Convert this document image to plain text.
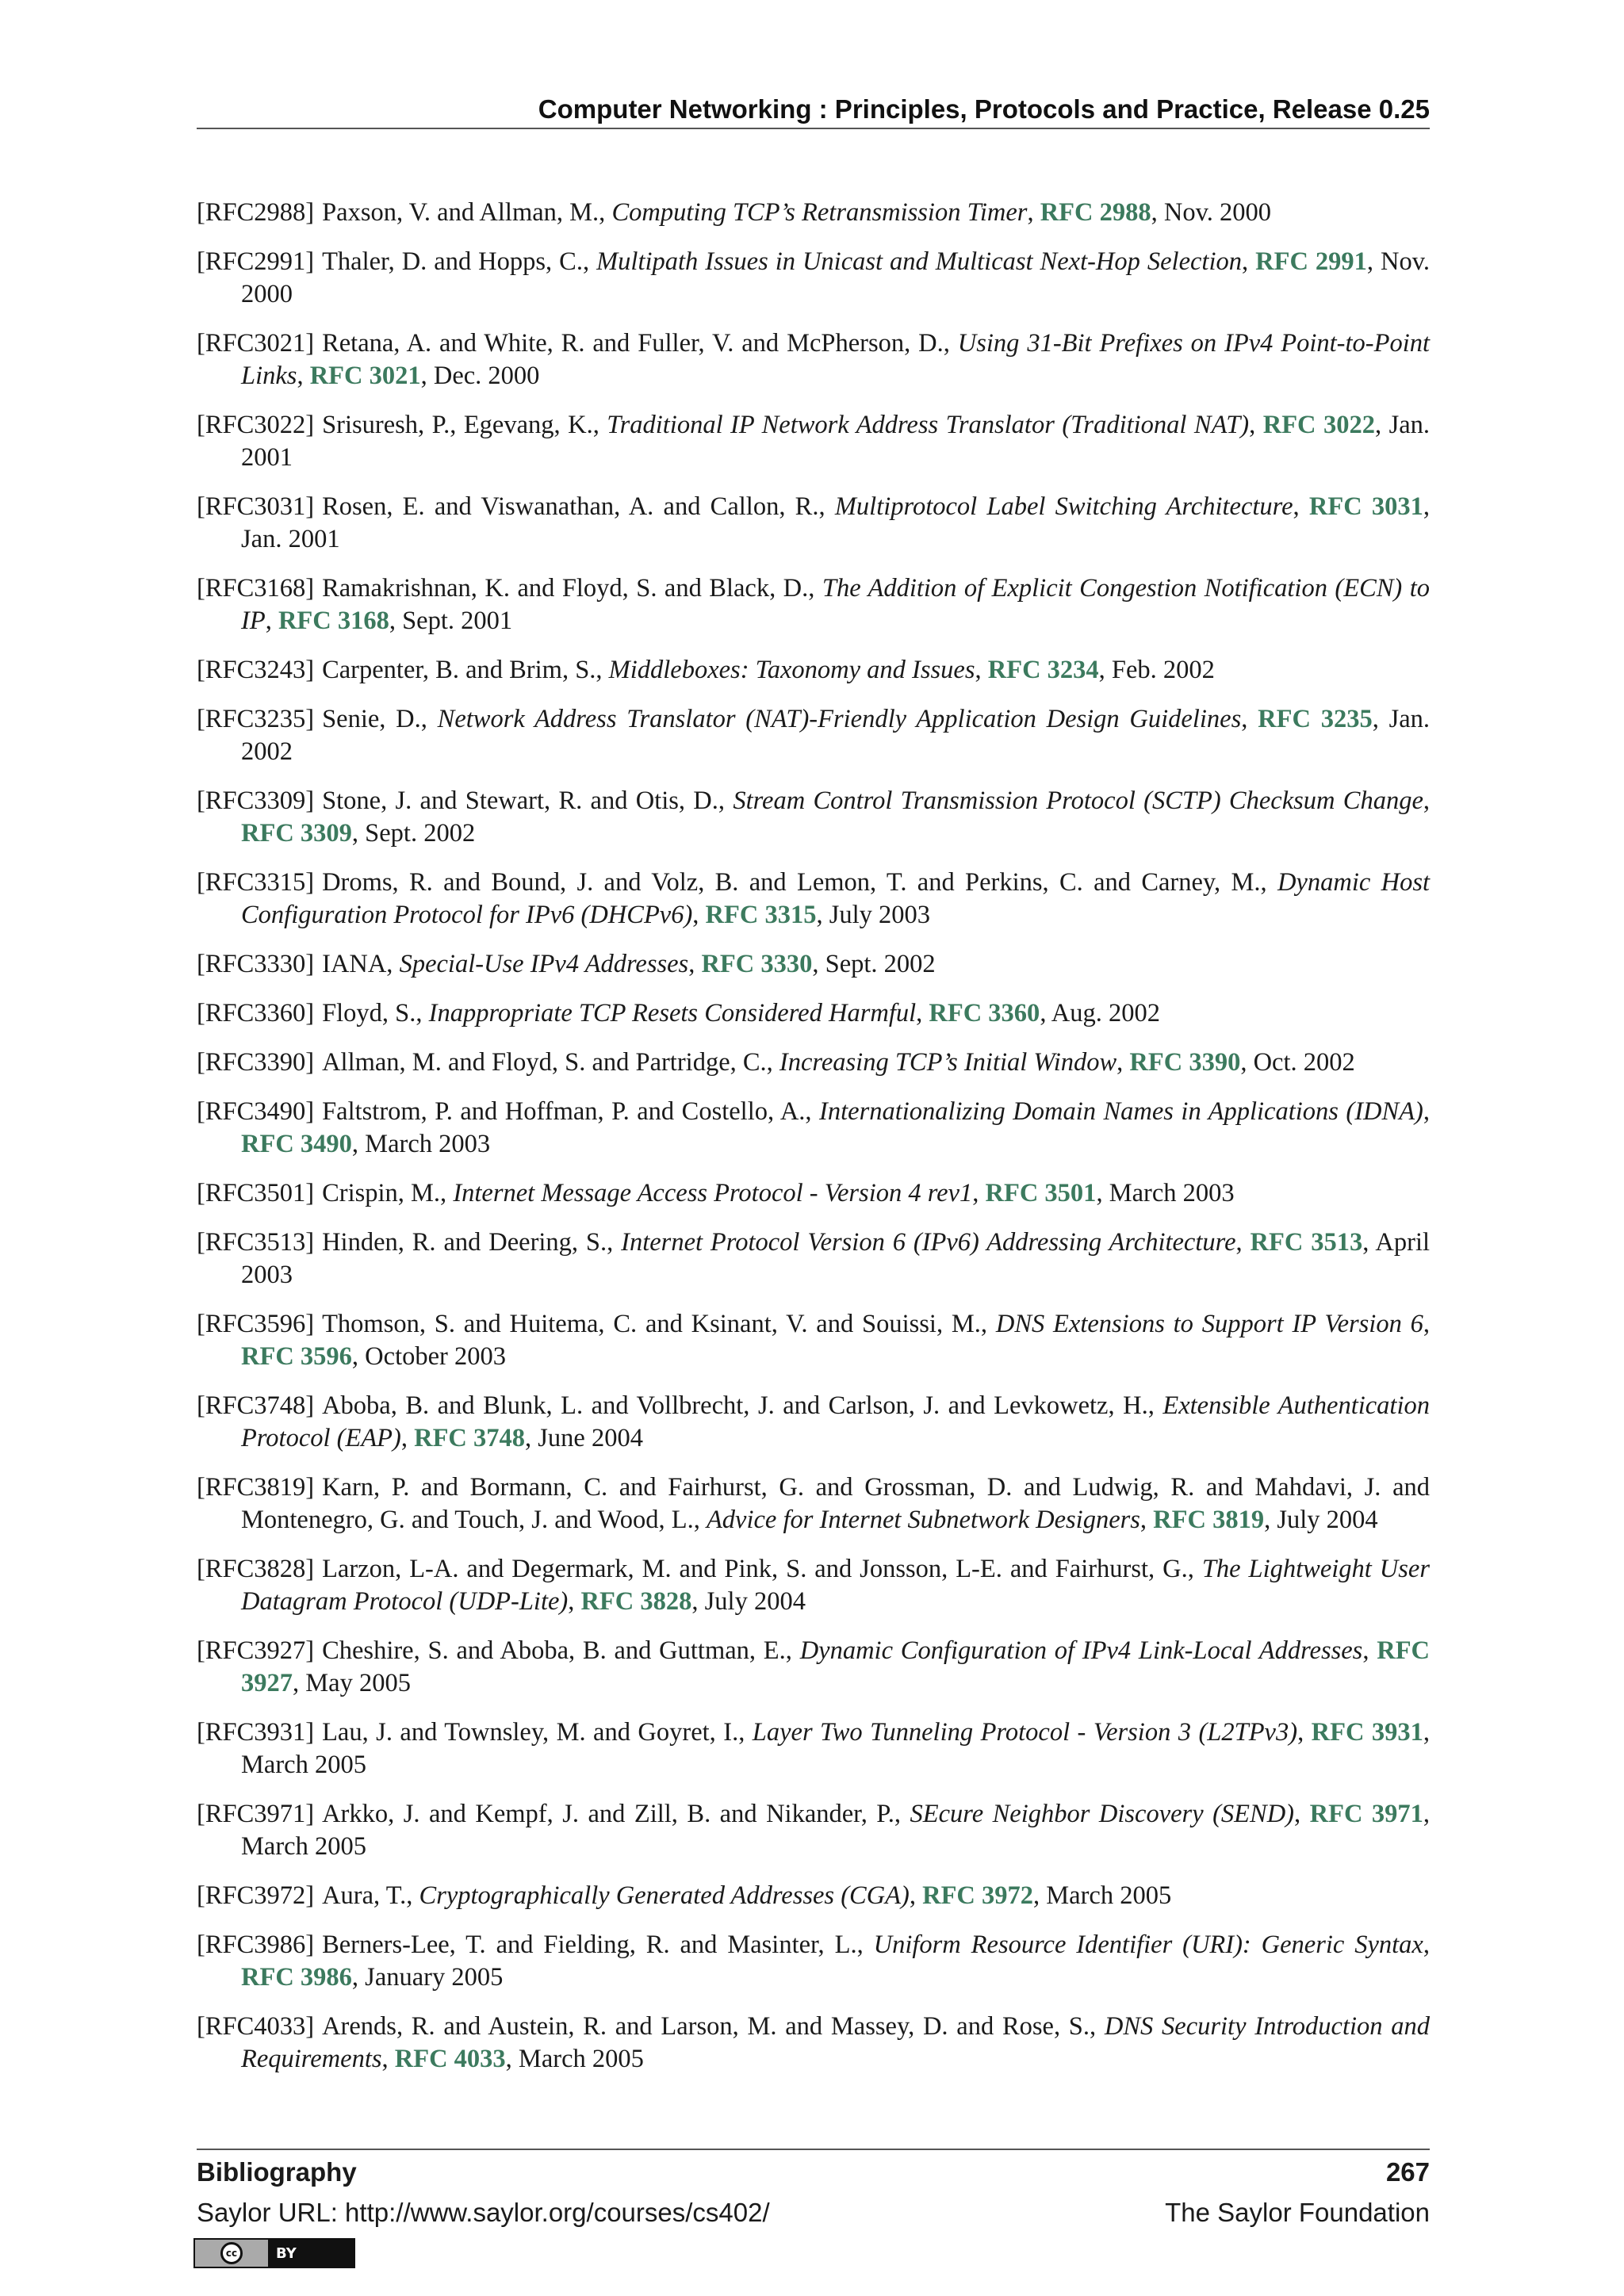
Computer Networking : Principles, Protocols and Practice, Release 0.25
[RFC2988] Paxson, V. and Allman, M., Computing TCP’s Retransmission Timer, RFC 2988, Nov. 2000
[RFC2991] Thaler, D. and Hopps, C., Multipath Issues in Unicast and Multicast Next-Hop Selection, RFC 2991, Nov. 2000
[RFC3021] Retana, A. and White, R. and Fuller, V. and McPherson, D., Using 31-Bit Prefixes on IPv4 Point-to-Point Links, RFC 3021, Dec. 2000
[RFC3022] Srisuresh, P., Egevang, K., Traditional IP Network Address Translator (Traditional NAT), RFC 3022, Jan. 2001
[RFC3031] Rosen, E. and Viswanathan, A. and Callon, R., Multiprotocol Label Switching Architecture, RFC 3031, Jan. 2001
[RFC3168] Ramakrishnan, K. and Floyd, S. and Black, D., The Addition of Explicit Congestion Notification (ECN) to IP, RFC 3168, Sept. 2001
[RFC3243] Carpenter, B. and Brim, S., Middleboxes: Taxonomy and Issues, RFC 3234, Feb. 2002
[RFC3235] Senie, D., Network Address Translator (NAT)-Friendly Application Design Guidelines, RFC 3235, Jan. 2002
[RFC3309] Stone, J. and Stewart, R. and Otis, D., Stream Control Transmission Protocol (SCTP) Checksum Change, RFC 3309, Sept. 2002
[RFC3315] Droms, R. and Bound, J. and Volz, B. and Lemon, T. and Perkins, C. and Carney, M., Dynamic Host Configuration Protocol for IPv6 (DHCPv6), RFC 3315, July 2003
[RFC3330] IANA, Special-Use IPv4 Addresses, RFC 3330, Sept. 2002
[RFC3360] Floyd, S., Inappropriate TCP Resets Considered Harmful, RFC 3360, Aug. 2002
[RFC3390] Allman, M. and Floyd, S. and Partridge, C., Increasing TCP’s Initial Window, RFC 3390, Oct. 2002
[RFC3490] Faltstrom, P. and Hoffman, P. and Costello, A., Internationalizing Domain Names in Applications (IDNA), RFC 3490, March 2003
[RFC3501] Crispin, M., Internet Message Access Protocol - Version 4 rev1, RFC 3501, March 2003
[RFC3513] Hinden, R. and Deering, S., Internet Protocol Version 6 (IPv6) Addressing Architecture, RFC 3513, April 2003
[RFC3596] Thomson, S. and Huitema, C. and Ksinant, V. and Souissi, M., DNS Extensions to Support IP Version 6, RFC 3596, October 2003
[RFC3748] Aboba, B. and Blunk, L. and Vollbrecht, J. and Carlson, J. and Levkowetz, H., Extensible Authentication Protocol (EAP), RFC 3748, June 2004
[RFC3819] Karn, P. and Bormann, C. and Fairhurst, G. and Grossman, D. and Ludwig, R. and Mahdavi, J. and Montenegro, G. and Touch, J. and Wood, L., Advice for Internet Subnetwork Designers, RFC 3819, July 2004
[RFC3828] Larzon, L-A. and Degermark, M. and Pink, S. and Jonsson, L-E. and Fairhurst, G., The Lightweight User Datagram Protocol (UDP-Lite), RFC 3828, July 2004
[RFC3927] Cheshire, S. and Aboba, B. and Guttman, E., Dynamic Configuration of IPv4 Link-Local Addresses, RFC 3927, May 2005
[RFC3931] Lau, J. and Townsley, M. and Goyret, I., Layer Two Tunneling Protocol - Version 3 (L2TPv3), RFC 3931, March 2005
[RFC3971] Arkko, J. and Kempf, J. and Zill, B. and Nikander, P., SEcure Neighbor Discovery (SEND), RFC 3971, March 2005
[RFC3972] Aura, T., Cryptographically Generated Addresses (CGA), RFC 3972, March 2005
[RFC3986] Berners-Lee, T. and Fielding, R. and Masinter, L., Uniform Resource Identifier (URI): Generic Syntax, RFC 3986, January 2005
[RFC4033] Arends, R. and Austein, R. and Larson, M. and Massey, D. and Rose, S., DNS Security Introduction and Requirements, RFC 4033, March 2005
Bibliography	267
Saylor URL: http://www.saylor.org/courses/cs402/	The Saylor Foundation
cc	BY
